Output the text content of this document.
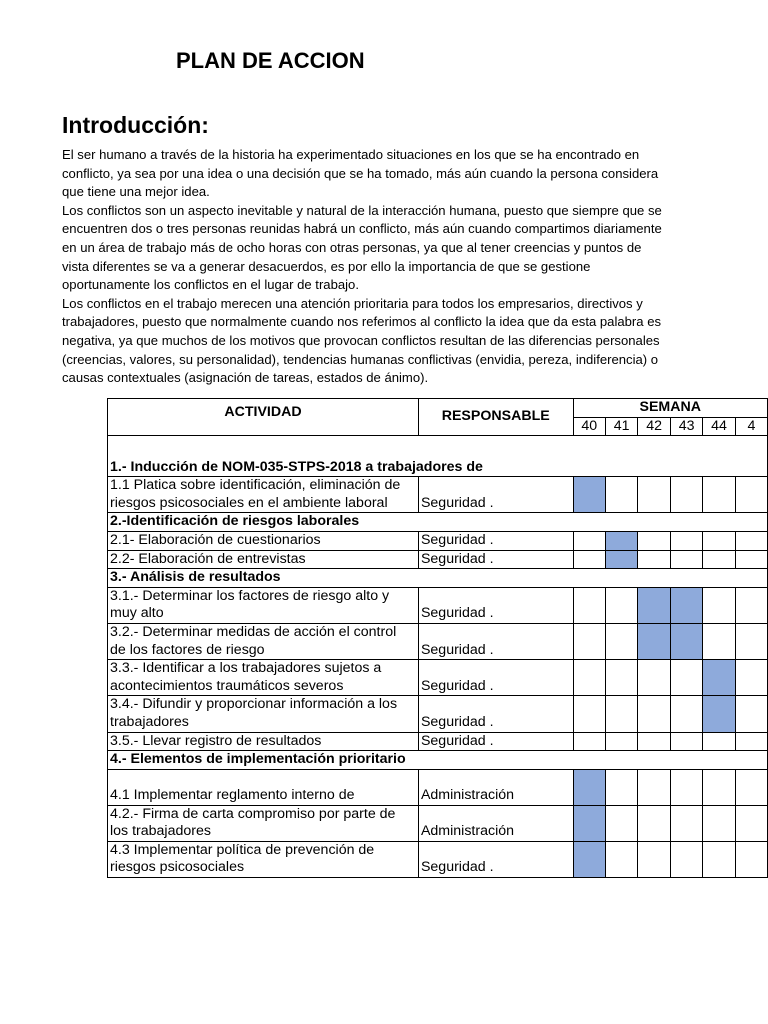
PLAN DE ACCION
Introducción:

El ser humano a través de la historia ha experimentado situaciones en los que se ha encontrado en conflicto, ya sea por una idea o una decisión que se ha tomado, más aún cuando la persona considera que tiene una mejor idea.

Los conflictos son un aspecto inevitable y natural de la interacción humana, puesto que siempre que se encuentren dos o tres personas reunidas habrá un conflicto, más aún cuando compartimos diariamente en un área de trabajo más de ocho horas con otras personas, ya que al tener creencias y puntos de vista diferentes se va a generar desacuerdos, es por ello la importancia de que se gestione oportunamente los conflictos en el lugar de trabajo.

Los conflictos en el trabajo merecen una atención prioritaria para todos los empresarios, directivos y trabajadores, puesto que normalmente cuando nos referimos al conflicto la idea que da esta palabra es negativa, ya que muchos de los motivos que provocan conflictos resultan de las diferencias personales (creencias, valores, su personalidad), tendencias humanas conflictivas (envidia, pereza, indiferencia) o causas contextuales (asignación de tareas, estados de ánimo).

ACTIVIDAD	RESPONSABLE	SEMANA					
		40	41	42	43	44	4
1.- Inducción de NOM-035-STPS-2018 a trabajadores de							
1.1 Platica sobre identificación, eliminación de riesgos psicosociales en el ambiente laboral	Seguridad .						
2.-Identificación de riesgos laborales							
2.1- Elaboración de cuestionarios	Seguridad .						
2.2- Elaboración de entrevistas	Seguridad .						
3.- Análisis de resultados							
3.1.- Determinar los factores de riesgo alto y muy alto	Seguridad .						
3.2.- Determinar medidas de acción el control de los factores de riesgo	Seguridad .						
3.3.- Identificar a los trabajadores sujetos a acontecimientos traumáticos severos	Seguridad .						
3.4.- Difundir y proporcionar información a los trabajadores	Seguridad .						
3.5.- Llevar registro de resultados	Seguridad .						
4.- Elementos de implementación prioritario							
4.1 Implementar reglamento interno de	Administración						
4.2.- Firma de carta compromiso por parte de los trabajadores	Administración						
4.3 Implementar política de prevención de riesgos psicosociales	Seguridad .						
